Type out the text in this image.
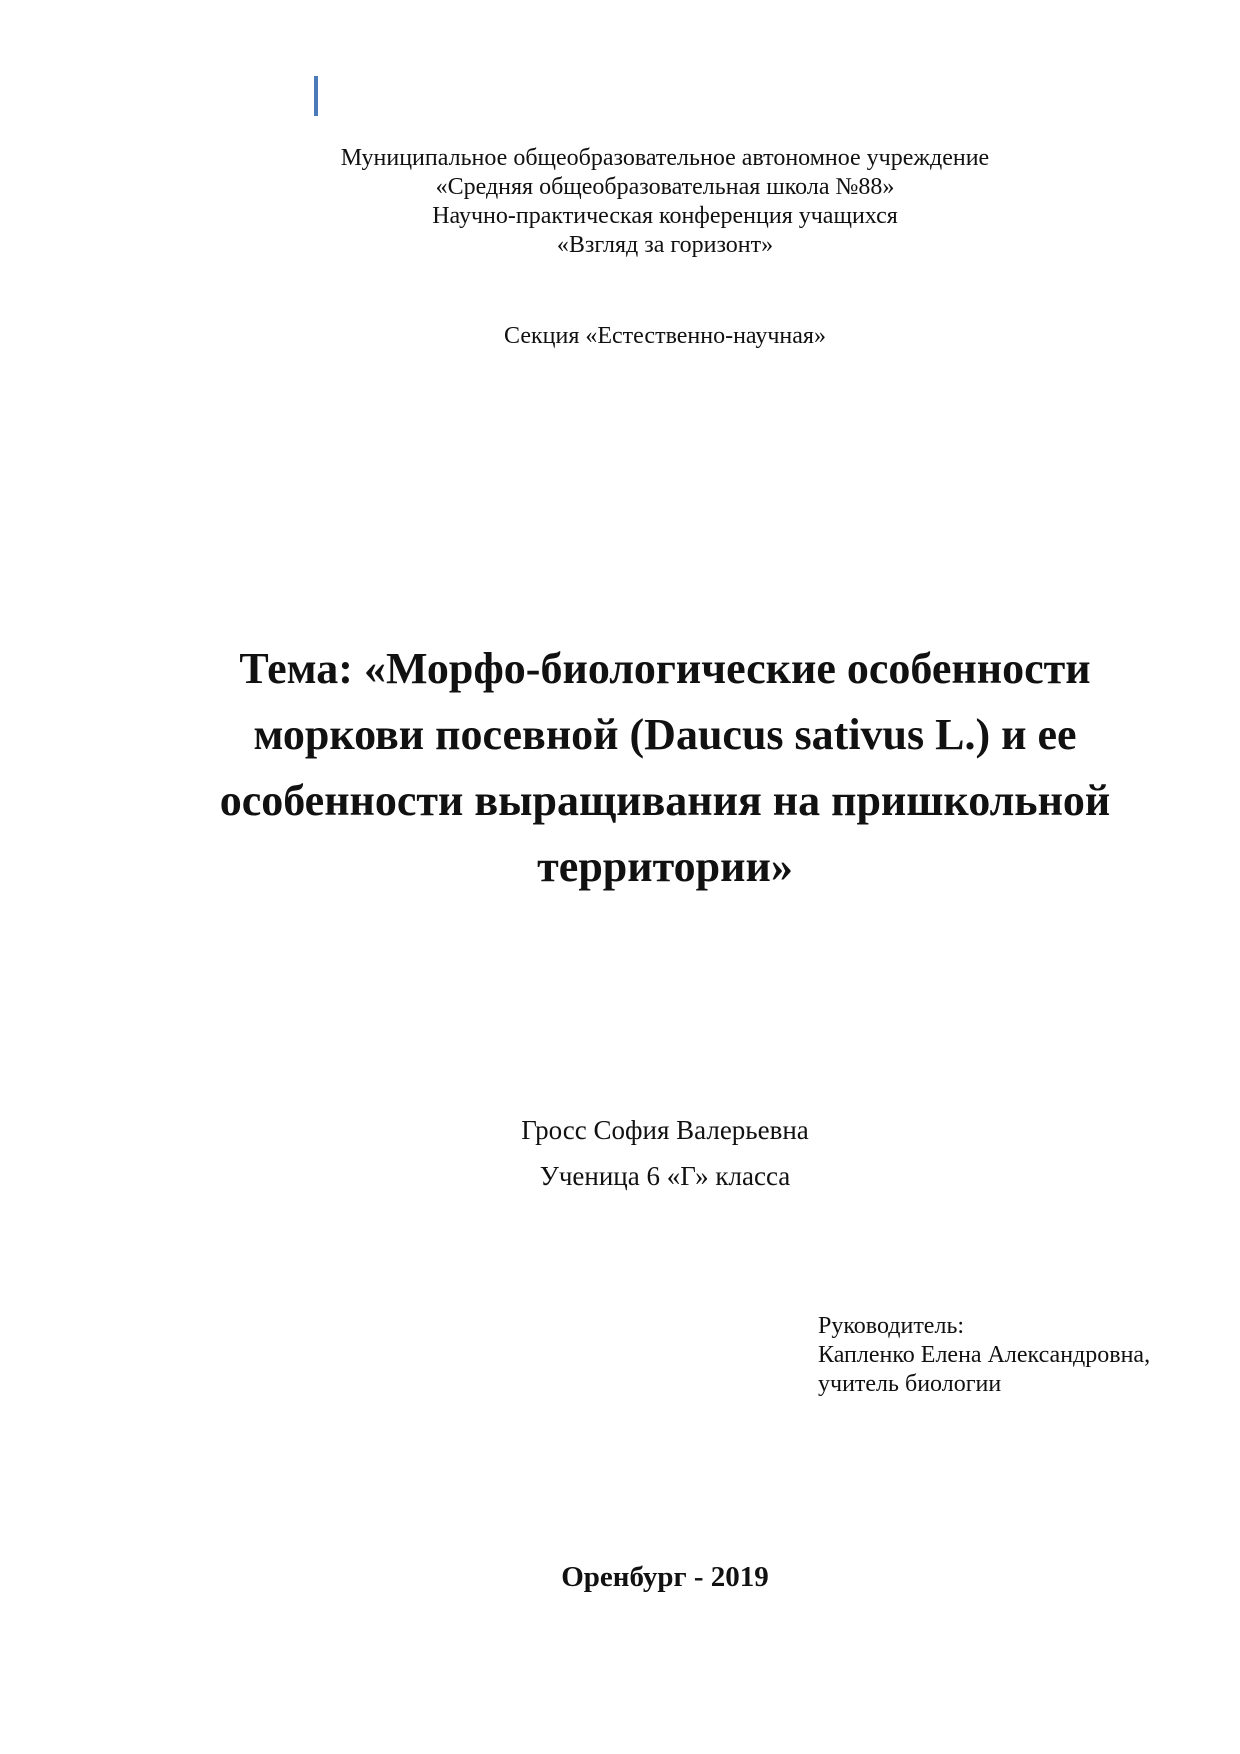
Муниципальное общеобразовательное автономное учреждение
«Средняя общеобразовательная школа №88»
Научно-практическая конференция учащихся
«Взгляд за горизонт»
Секция «Естественно-научная»
Тема: «Морфо-биологические особенности
моркови посевной (Daucus sativus L.) и ее
особенности выращивания на пришкольной
территории»
Гросс София Валерьевна
Ученица 6 «Г» класса
Руководитель:
Капленко Елена Александровна,
учитель биологии
Оренбург - 2019
